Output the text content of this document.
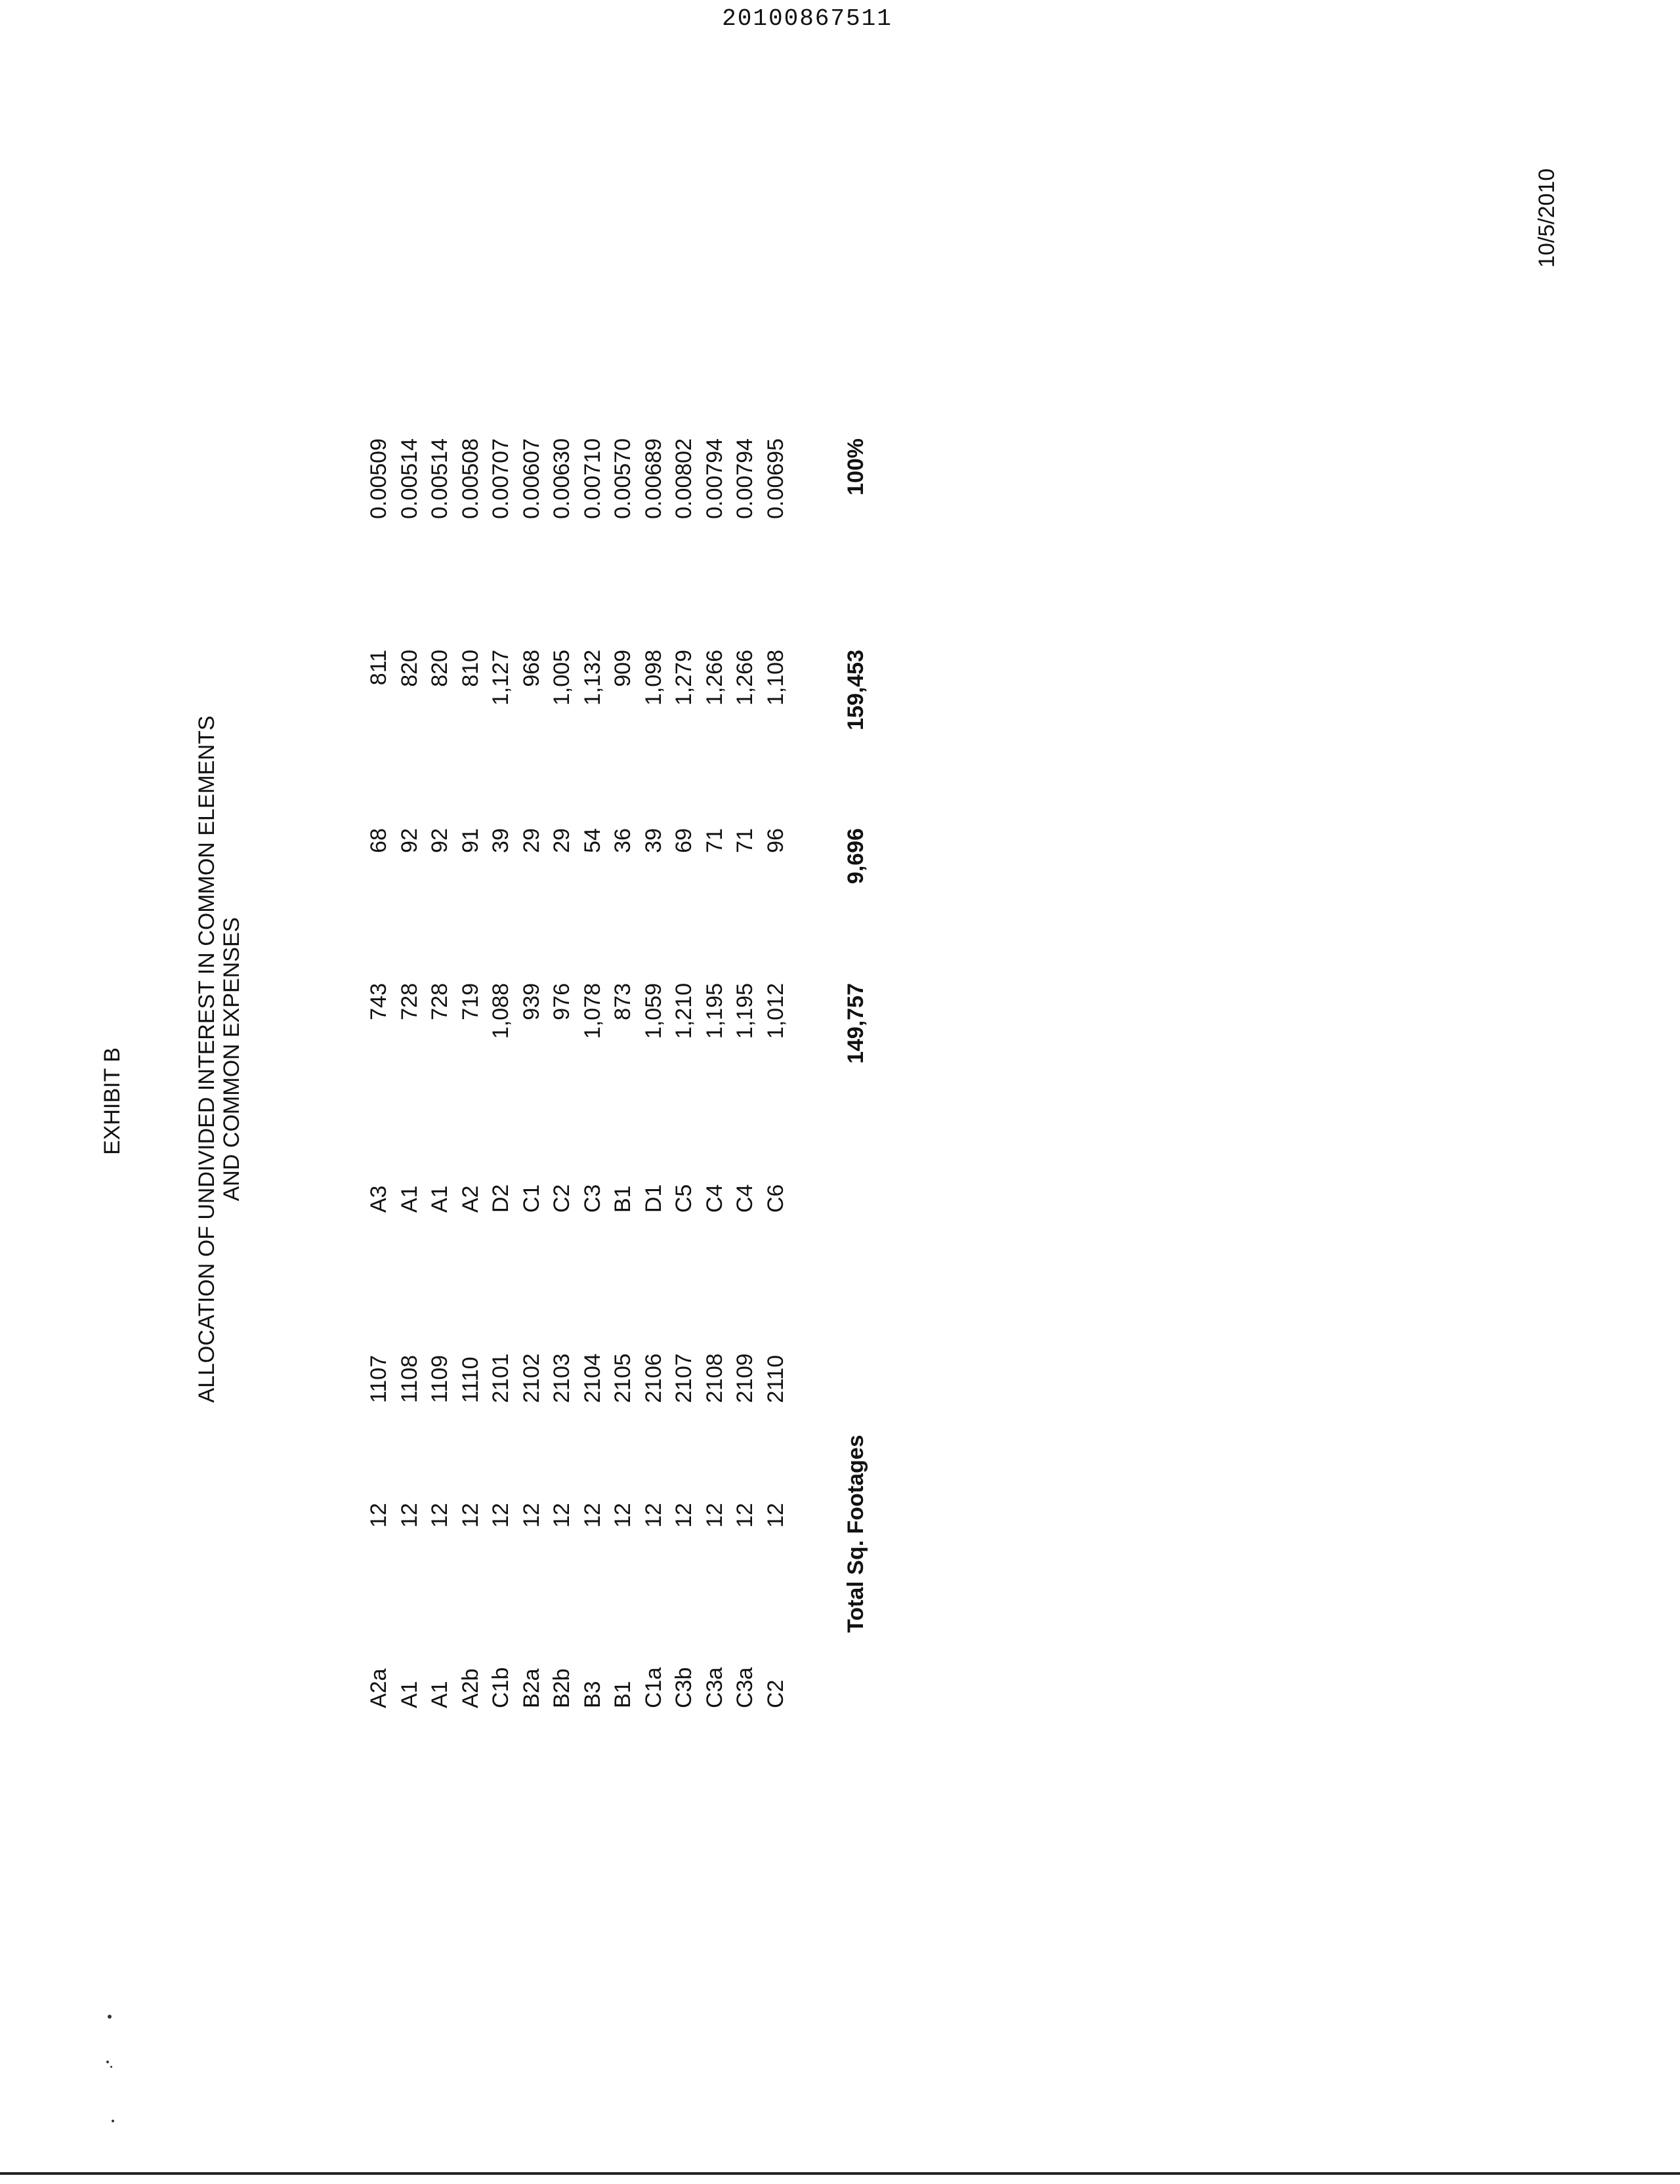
20100867511
10/5/2010
EXHIBIT B	ALLOCATION OF UNDIVIDED INTEREST IN COMMON ELEMENTS AND COMMON EXPENSES
A2a
12
1107
A3
743
68
811
0.00509
A1
12
1108
A1
728
92
820
0.00514
A1
12
1109
A1
728
92
820
0.00514
A2b
12
1110
A2
719
91
810
0.00508
C1b
12
2101
D2
1,088
39
1,127
0.00707
B2a
12
2102
C1
939
29
968
0.00607
B2b
12
2103
C2
976
29
1,005
0.00630
B3
12
2104
C3
1,078
54
1,132
0.00710
B1
12
2105
B1
873
36
909
0.00570
C1a
12
2106
D1
1,059
39
1,098
0.00689
C3b
12
2107
C5
1,210
69
1,279
0.00802
C3a
12
2108
C4
1,195
71
1,266
0.00794
C3a
12
2109
C4
1,195
71
1,266
0.00794
C2
12
2110
C6
1,012
96
1,108
0.00695
Total Sq. Footages
149,757
9,696
159,453
100%
